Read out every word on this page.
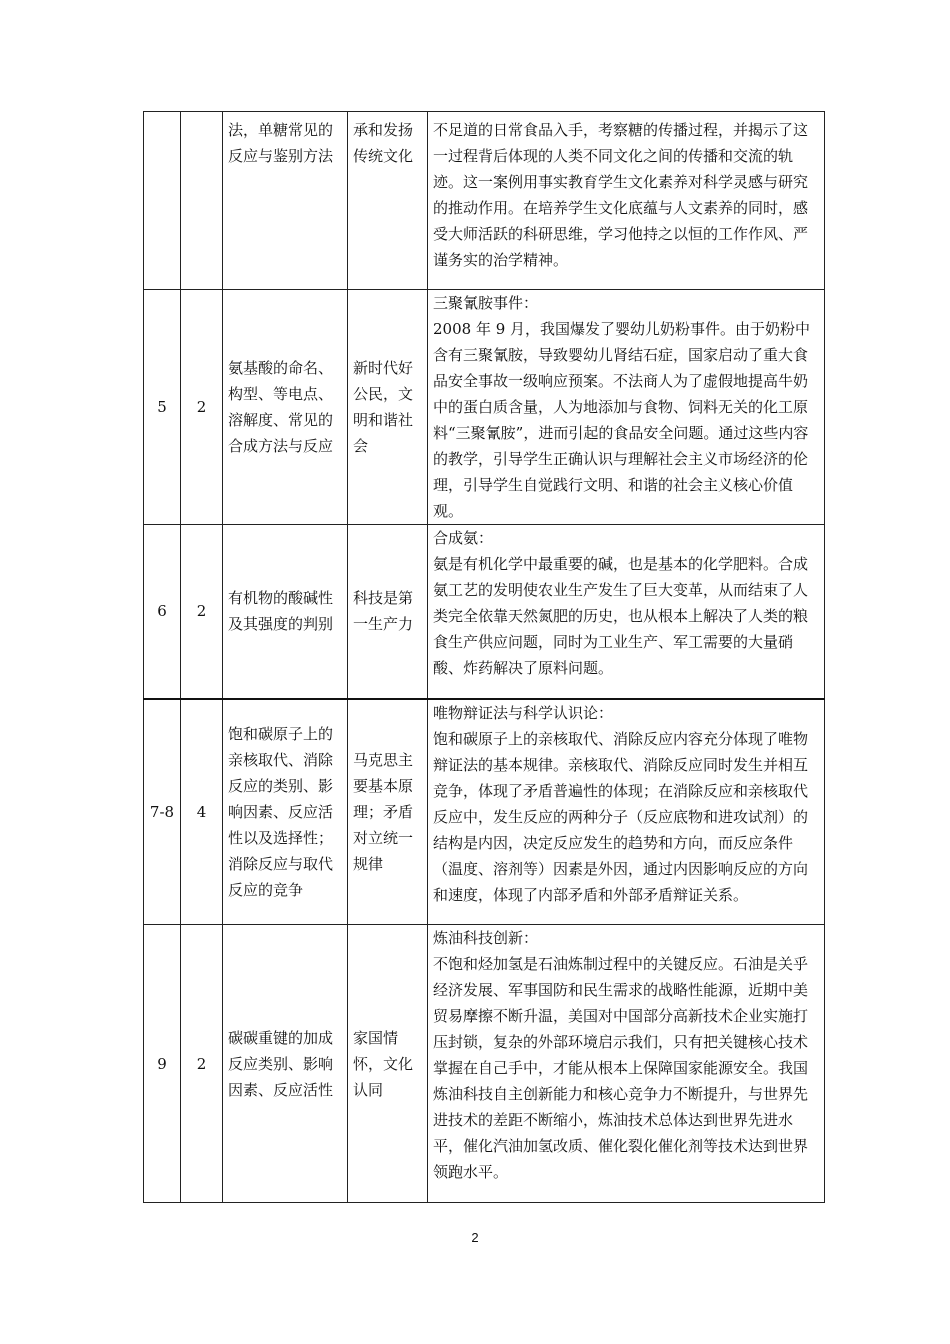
		法，单糖常见的反应与鉴别方法	承和发扬传统文化	不足道的日常食品入手，考察糖的传播过程，并揭示了这一过程背后体现的人类不同文化之间的传播和交流的轨迹。这一案例用事实教育学生文化素养对科学灵感与研究的推动作用。在培养学生文化底蕴与人文素养的同时，感受大师活跃的科研思维，学习他持之以恒的工作作风、严谨务实的治学精神。

5	2	氨基酸的命名、构型、等电点、溶解度、常见的合成方法与反应	新时代好公民，文明和谐社会	三聚氰胺事件：
2008 年 9 月，我国爆发了婴幼儿奶粉事件。由于奶粉中含有三聚氰胺，导致婴幼儿肾结石症，国家启动了重大食品安全事故一级响应预案。不法商人为了虚假地提高牛奶中的蛋白质含量，人为地添加与食物、饲料无关的化工原料“三聚氰胺”，进而引起的食品安全问题。通过这些内容的教学，引导学生正确认识与理解社会主义市场经济的伦理，引导学生自觉践行文明、和谐的社会主义核心价值观。

6	2	有机物的酸碱性及其强度的判别	科技是第一生产力	合成氨：
氨是有机化学中最重要的碱，也是基本的化学肥料。合成氨工艺的发明使农业生产发生了巨大变革，从而结束了人类完全依靠天然氮肥的历史，也从根本上解决了人类的粮食生产供应问题，同时为工业生产、军工需要的大量硝酸、炸药解决了原料问题。

7-8	4	饱和碳原子上的亲核取代、消除反应的类别、影响因素、反应活性以及选择性；消除反应与取代反应的竞争	马克思主要基本原理；矛盾对立统一规律	唯物辩证法与科学认识论：
饱和碳原子上的亲核取代、消除反应内容充分体现了唯物辩证法的基本规律。亲核取代、消除反应同时发生并相互竞争，体现了矛盾普遍性的体现；在消除反应和亲核取代反应中，发生反应的两种分子（反应底物和进攻试剂）的结构是内因，决定反应发生的趋势和方向，而反应条件（温度、溶剂等）因素是外因，通过内因影响反应的方向和速度，体现了内部矛盾和外部矛盾辩证关系。

9	2	碳碳重键的加成反应类别、影响因素、反应活性	家国情怀，文化认同	炼油科技创新：
不饱和烃加氢是石油炼制过程中的关键反应。石油是关乎经济发展、军事国防和民生需求的战略性能源，近期中美贸易摩擦不断升温，美国对中国部分高新技术企业实施打压封锁，复杂的外部环境启示我们，只有把关键核心技术掌握在自己手中，才能从根本上保障国家能源安全。我国炼油科技自主创新能力和核心竞争力不断提升，与世界先进技术的差距不断缩小，炼油技术总体达到世界先进水平，催化汽油加氢改质、催化裂化催化剂等技术达到世界领跑水平。
2
